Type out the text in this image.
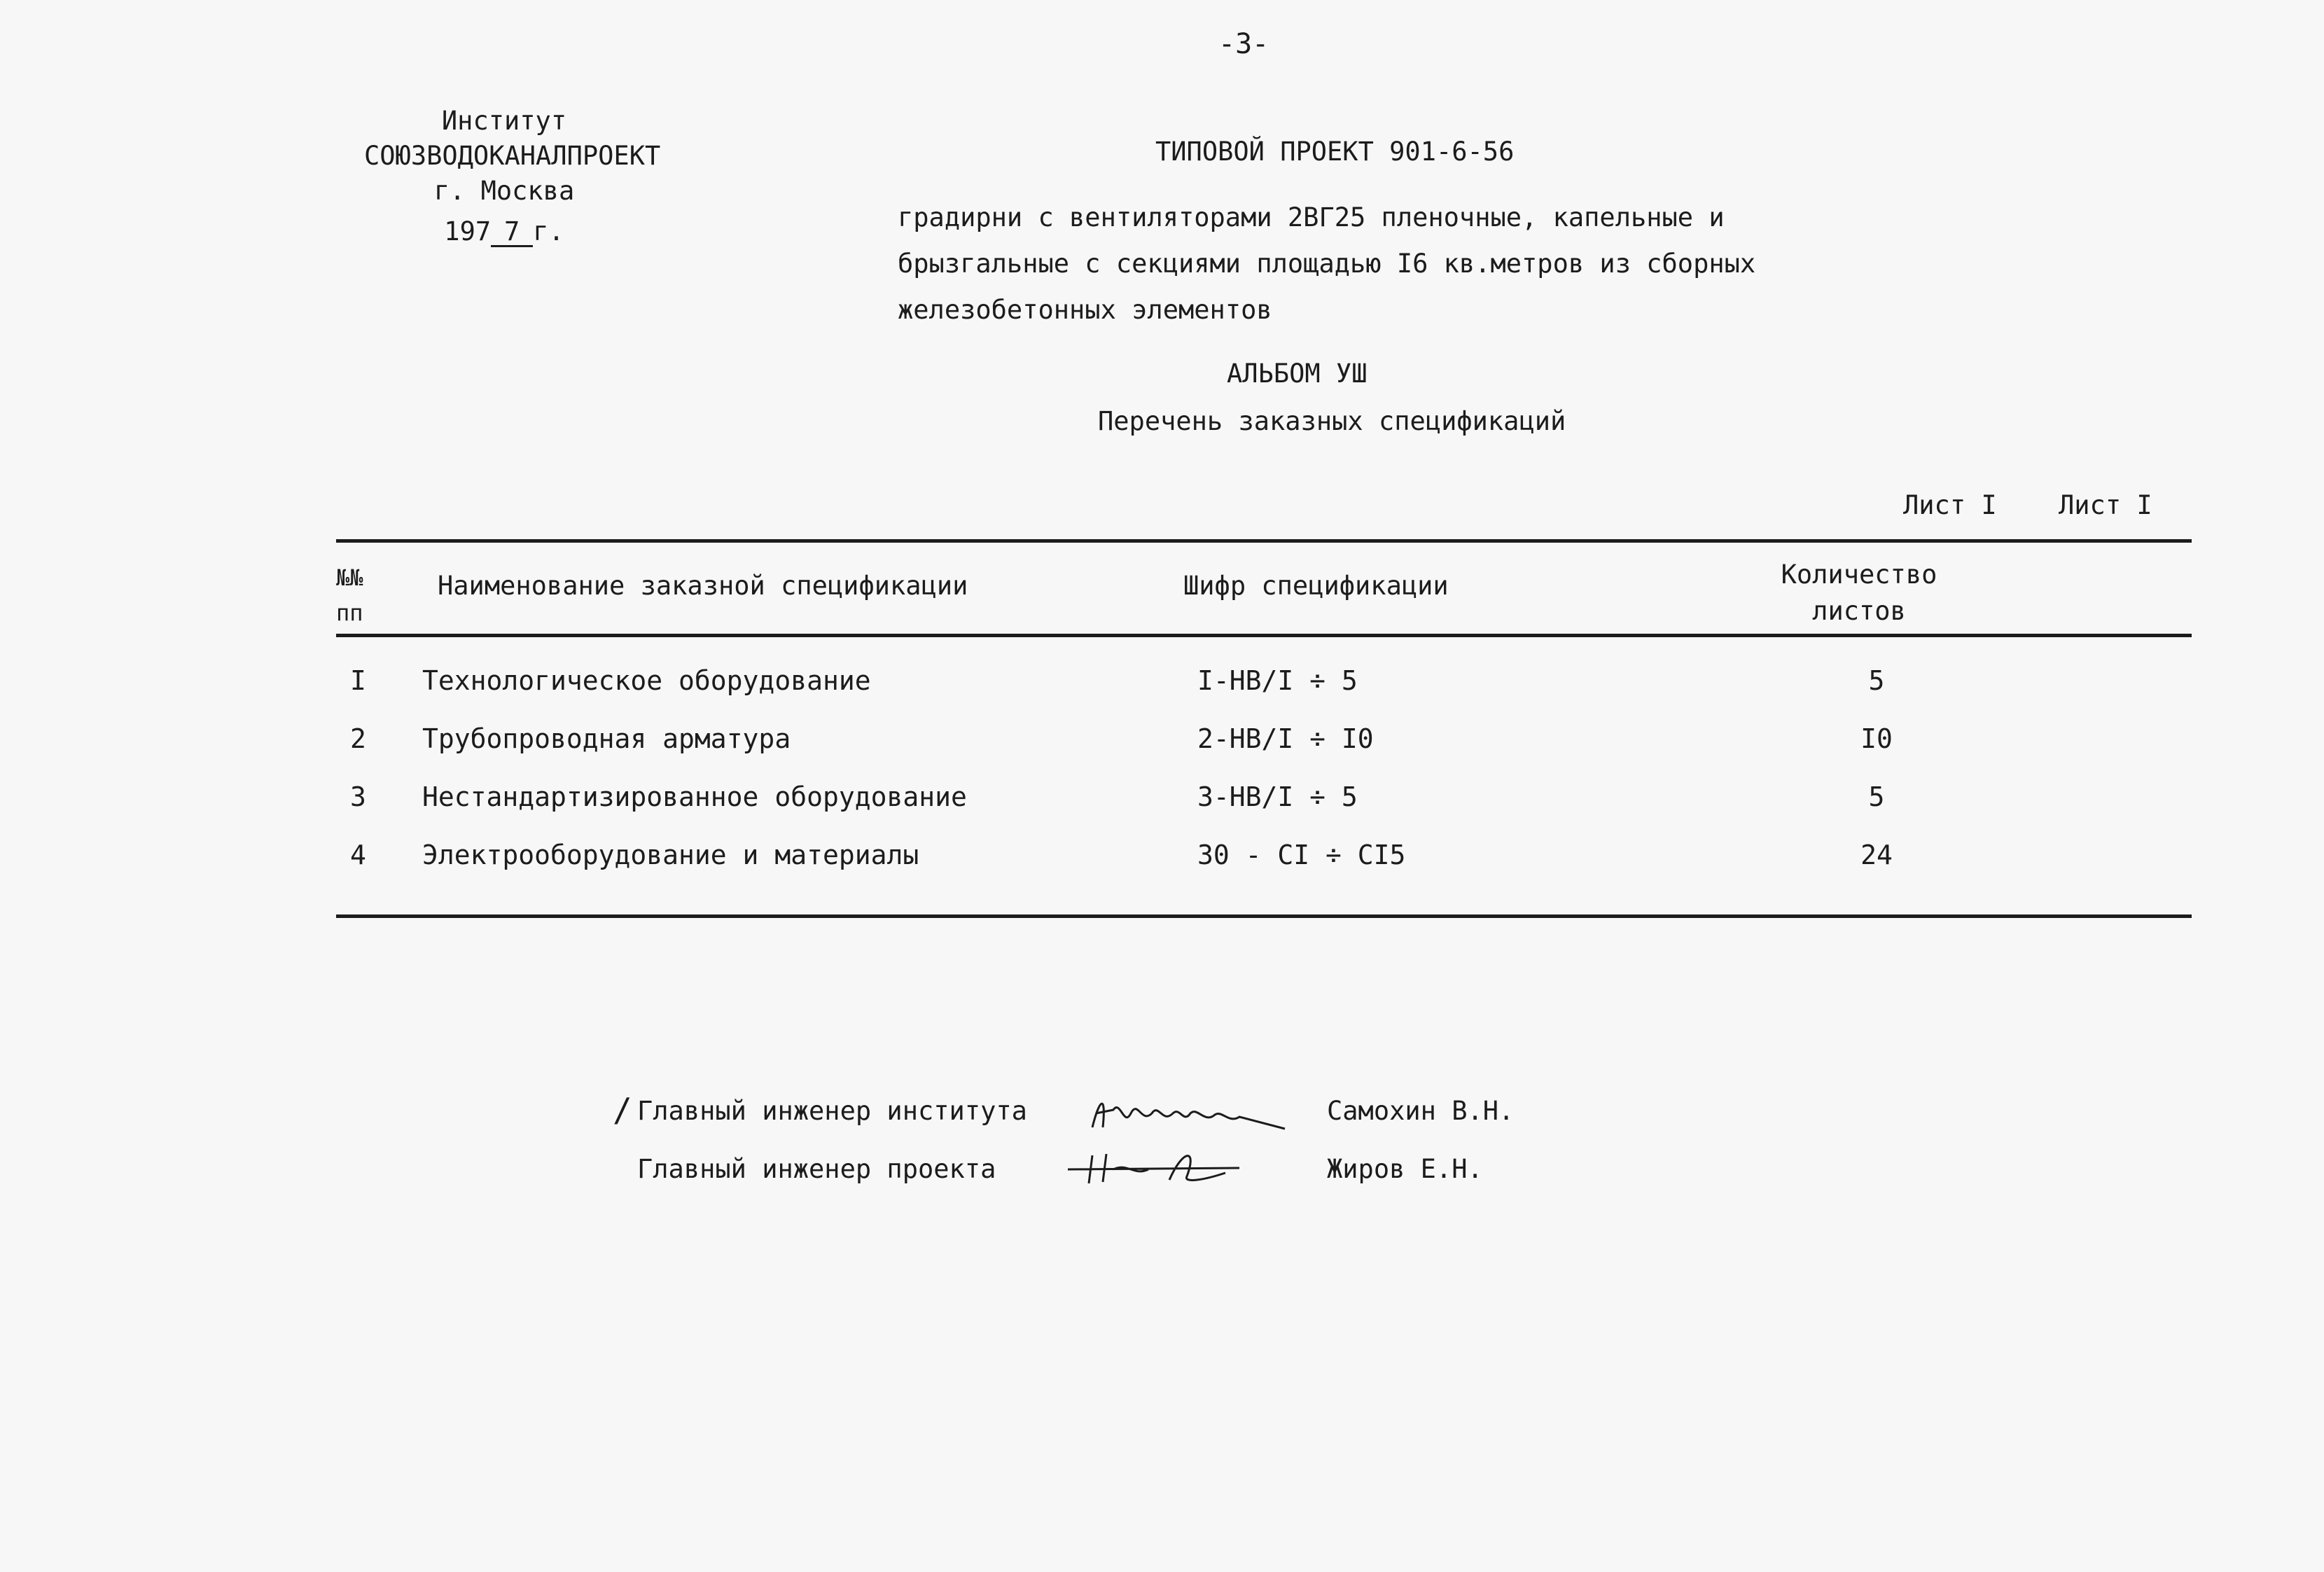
-3-
Институт
СОЮЗВОДОКАНАЛПРОЕКТ
г. Москва
197 7 г.
ТИПОВОЙ ПРОЕКТ 901-6-56
градирни с вентиляторами 2ВГ25 пленочные, капельные и брызгальные с секциями площадью I6 кв.метров из сборных железобетонных элементов
АЛЬБОМ УШ
Перечень заказных спецификаций
Лист I Лист I
№№ пп
Наименование заказной спецификации	Шифр спецификации	Количество листов
I Технологическое оборудование	I-НВ/I ÷ 5	5
2 Трубопроводная арматура	2-НВ/I ÷ I0	I0
3 Нестандартизированное оборудование	3-НВ/I ÷ 5	5
4 Электрооборудование и материалы	30 - CI ÷ CI5	24
/ Главный инженер института	Самохин В.Н.
Главный инженер проекта	Жиров Е.Н.
